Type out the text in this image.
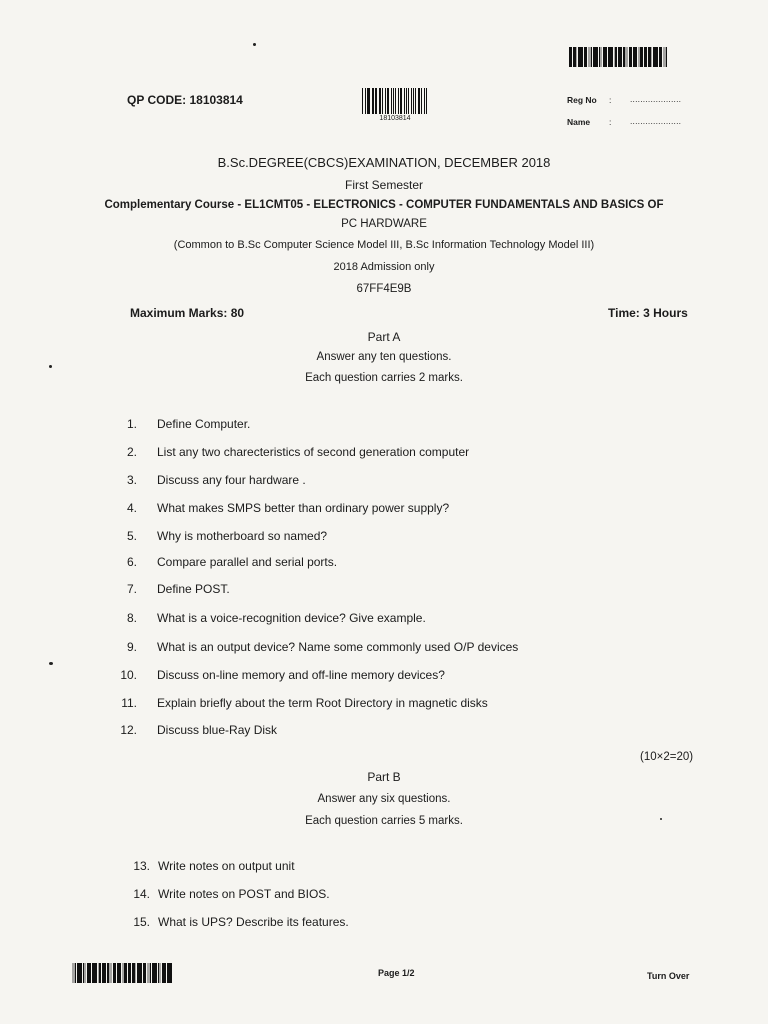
QP CODE: 18103814
18103814
Reg No : ....................
Name : ....................
B.Sc.DEGREE(CBCS)EXAMINATION, DECEMBER 2018
First Semester
Complementary Course - EL1CMT05 - ELECTRONICS - COMPUTER FUNDAMENTALS AND BASICS OF
PC HARDWARE
(Common to B.Sc Computer Science Model III, B.Sc Information Technology Model III)
2018 Admission only
67FF4E9B
Maximum Marks: 80	Time: 3 Hours
Part A
Answer any ten questions.
Each question carries 2 marks.
1. Define Computer.
2. List any two charecteristics of second generation computer
3. Discuss any four hardware .
4. What makes SMPS better than ordinary power supply?
5. Why is motherboard so named?
6. Compare parallel and serial ports.
7. Define POST.
8. What is a voice-recognition device? Give example.
9. What is an output device? Name some commonly used O/P devices
10. Discuss on-line memory and off-line memory devices?
11. Explain briefly about the term Root Directory in magnetic disks
12. Discuss blue-Ray Disk
(10×2=20)
Part B
Answer any six questions.
Each question carries 5 marks.
13. Write notes on output unit
14. Write notes on POST and BIOS.
15. What is UPS? Describe its features.
Page 1/2	Turn Over
